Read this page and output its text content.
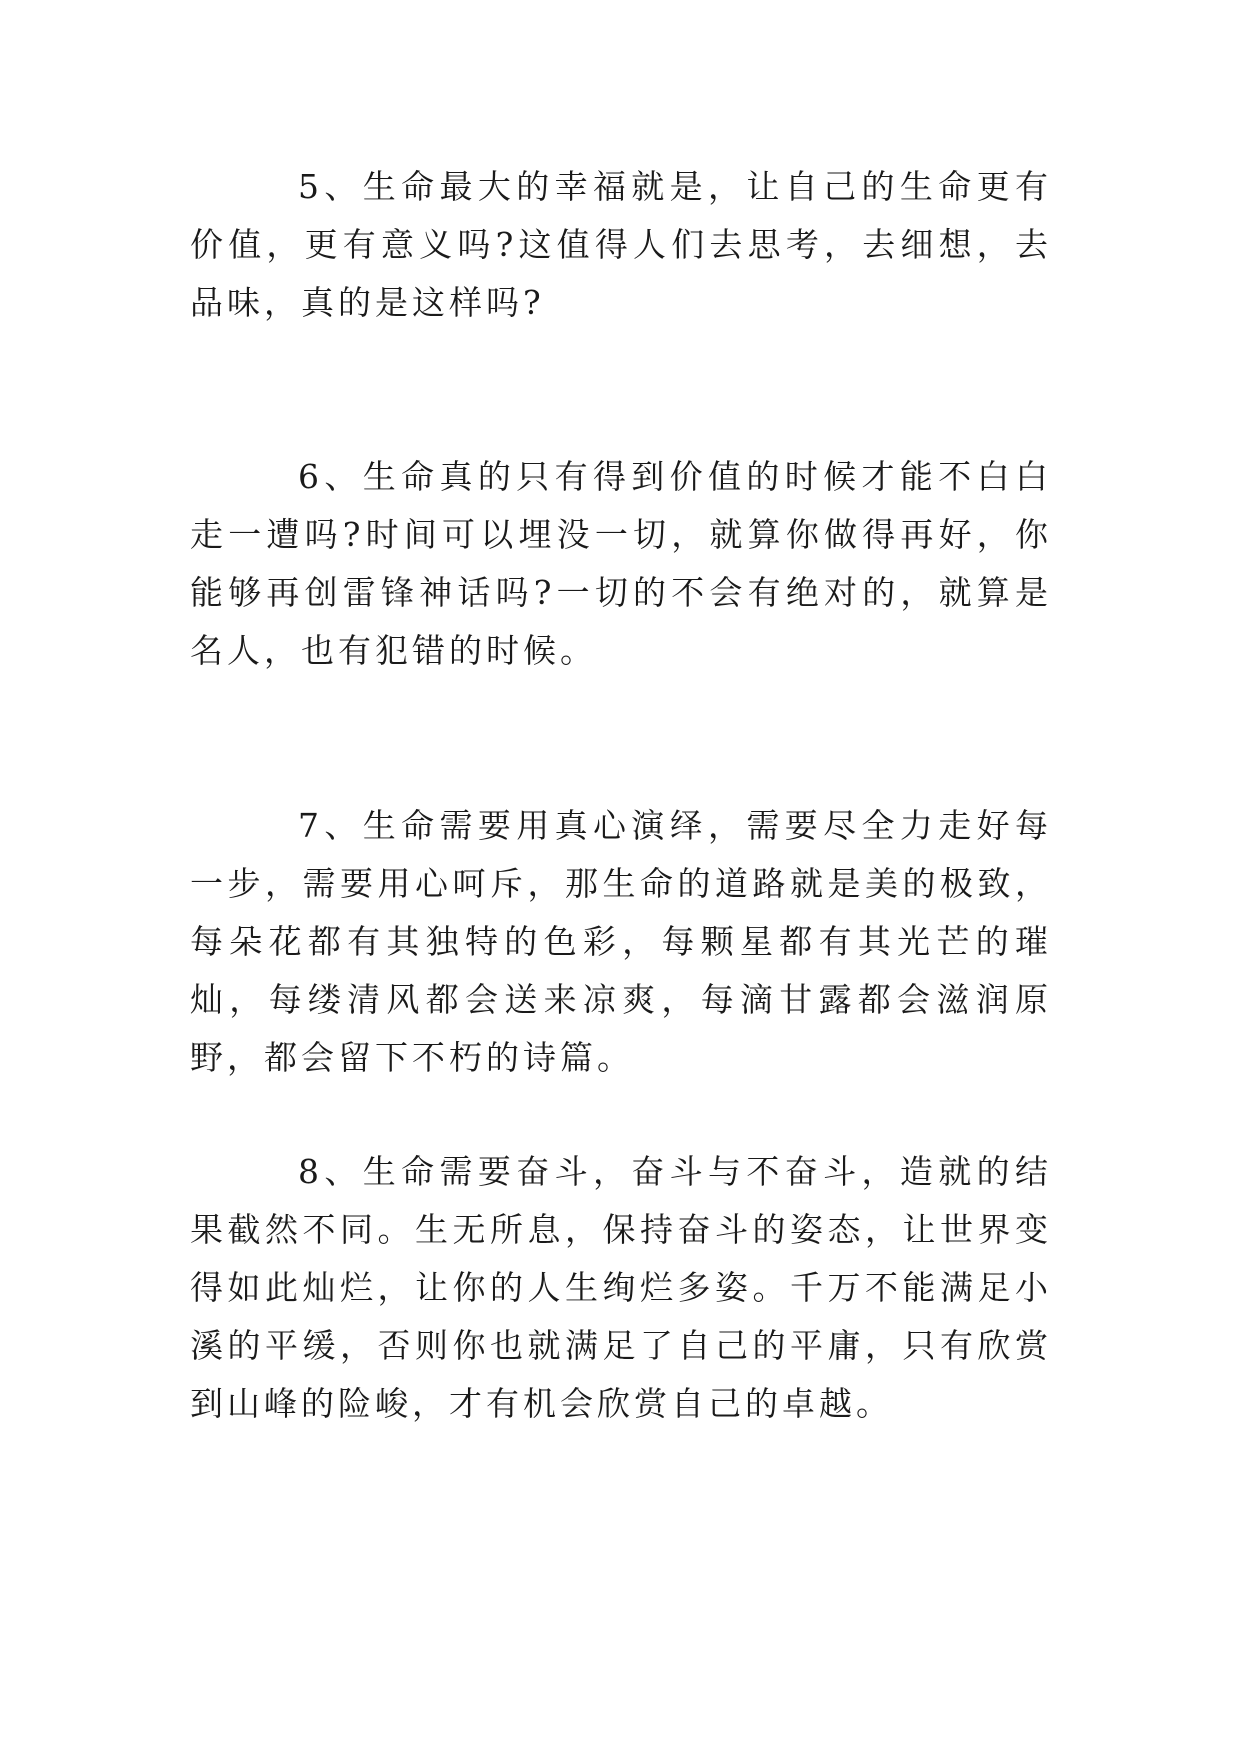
5、生命最大的幸福就是，让自己的生命更有价值，更有意义吗?这值得人们去思考，去细想，去品味，真的是这样吗?

6、生命真的只有得到价值的时候才能不白白走一遭吗?时间可以埋没一切，就算你做得再好，你能够再创雷锋神话吗?一切的不会有绝对的，就算是名人，也有犯错的时候。

7、生命需要用真心演绎，需要尽全力走好每一步，需要用心呵斥，那生命的道路就是美的极致，每朵花都有其独特的色彩，每颗星都有其光芒的璀灿，每缕清风都会送来凉爽，每滴甘露都会滋润原野，都会留下不朽的诗篇。

8、生命需要奋斗，奋斗与不奋斗，造就的结果截然不同。生无所息，保持奋斗的姿态，让世界变得如此灿烂，让你的人生绚烂多姿。千万不能满足小溪的平缓，否则你也就满足了自己的平庸，只有欣赏到山峰的险峻，才有机会欣赏自己的卓越。
